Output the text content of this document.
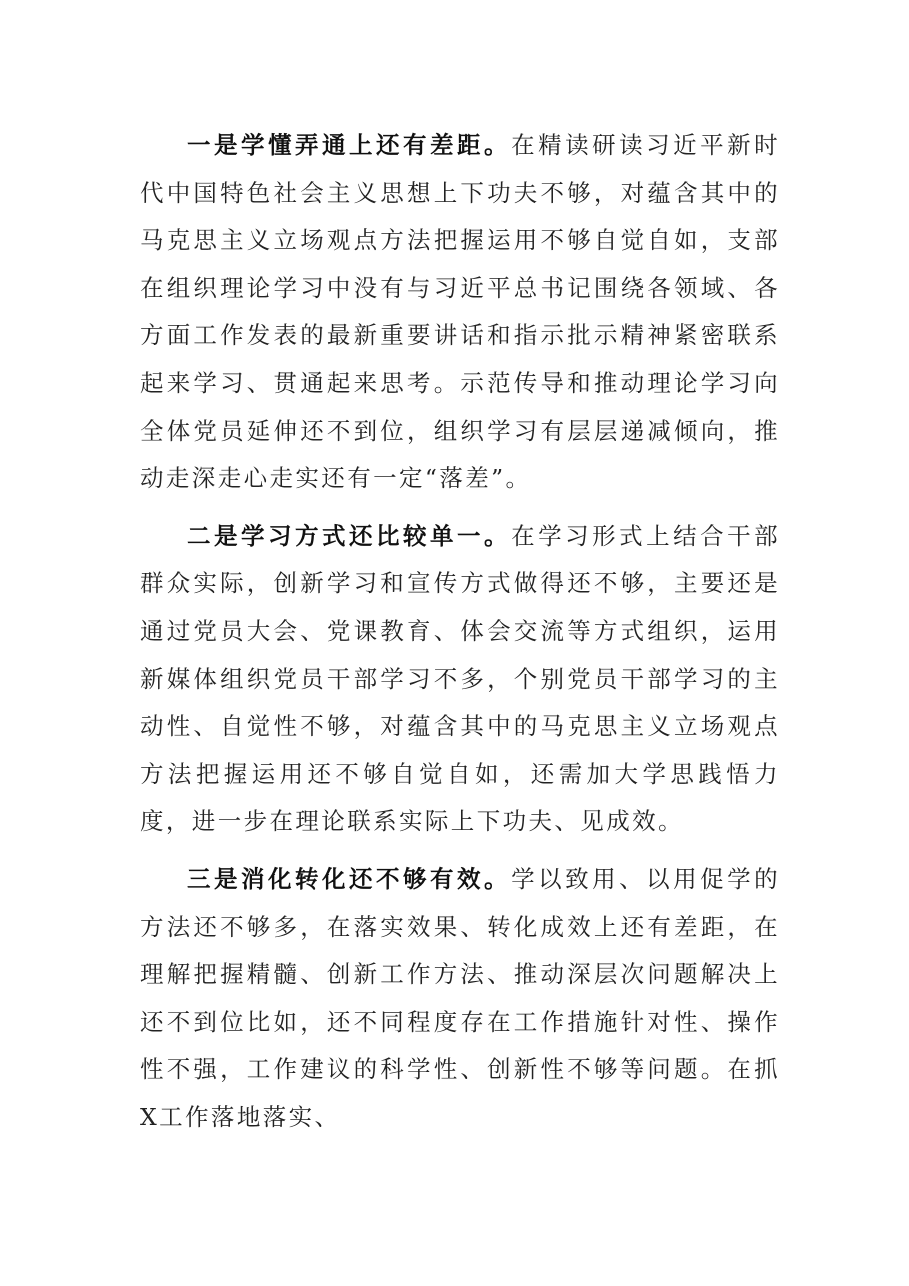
一是学懂弄通上还有差距。在精读研读习近平新时代中国特色社会主义思想上下功夫不够，对蕴含其中的马克思主义立场观点方法把握运用不够自觉自如，支部在组织理论学习中没有与习近平总书记围绕各领域、各方面工作发表的最新重要讲话和指示批示精神紧密联系起来学习、贯通起来思考。示范传导和推动理论学习向全体党员延伸还不到位，组织学习有层层递减倾向，推动走深走心走实还有一定“落差”。

二是学习方式还比较单一。在学习形式上结合干部群众实际，创新学习和宣传方式做得还不够，主要还是通过党员大会、党课教育、体会交流等方式组织，运用新媒体组织党员干部学习不多，个别党员干部学习的主动性、自觉性不够，对蕴含其中的马克思主义立场观点方法把握运用还不够自觉自如，还需加大学思践悟力度，进一步在理论联系实际上下功夫、见成效。

三是消化转化还不够有效。学以致用、以用促学的方法还不够多，在落实效果、转化成效上还有差距，在理解把握精髓、创新工作方法、推动深层次问题解决上还不到位比如，还不同程度存在工作措施针对性、操作性不强，工作建议的科学性、创新性不够等问题。在抓X工作落地落实、
